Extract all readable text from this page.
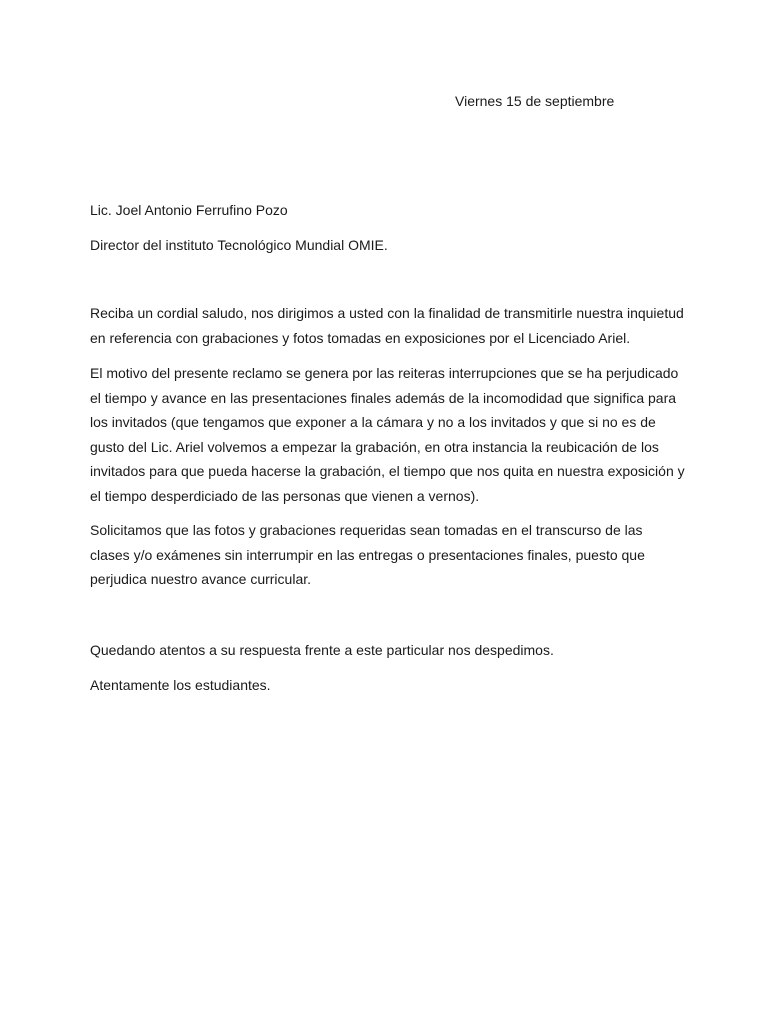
Viernes 15 de septiembre
Lic. Joel Antonio Ferrufino Pozo
Director del instituto Tecnológico Mundial OMIE.
Reciba un cordial saludo, nos dirigimos a usted con la finalidad de transmitirle nuestra inquietud
en referencia con grabaciones y fotos tomadas en exposiciones por el Licenciado Ariel.
El motivo del presente reclamo se genera por las reiteras interrupciones que se ha perjudicado
el tiempo y avance en las presentaciones finales además de la incomodidad que significa para
los invitados (que tengamos que exponer a la cámara y no a los invitados y que si no es de
gusto del Lic. Ariel volvemos a empezar la grabación, en otra instancia la reubicación de los
invitados para que pueda hacerse la grabación, el tiempo que nos quita en nuestra exposición y
el tiempo desperdiciado de las personas que vienen a vernos).
Solicitamos que las fotos y grabaciones requeridas sean tomadas en el transcurso de las
clases y/o exámenes sin interrumpir en las entregas o presentaciones finales, puesto que
perjudica nuestro avance curricular.
Quedando atentos a su respuesta frente a este particular nos despedimos.
Atentamente los estudiantes.
